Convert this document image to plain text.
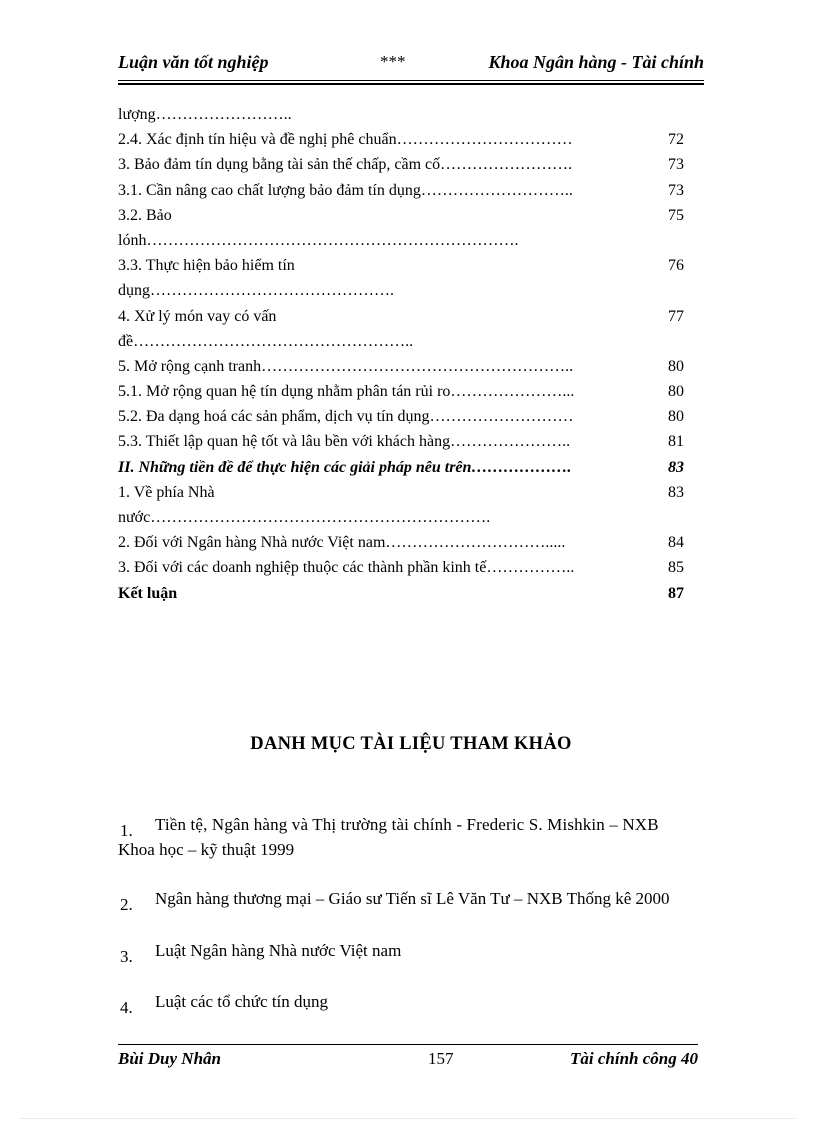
Luận văn tốt nghiệp	***	Khoa Ngân hàng - Tài chính
lượng……………………..
2.4. Xác định tín hiệu và đề nghị phê chuẩn……………………………	72
3. Bảo đảm tín dụng bằng tài sản thế chấp, cầm cố…………………….	73
3.1. Cần nâng cao chất lượng bảo đảm tín dụng………………………..	73
3.2. Bảo	75
lónh…………………………………………………………….
3.3. Thực hiện bảo hiểm tín	76
dụng……………………………………….
4. Xử lý món vay có vấn	77
đề……………………………………………..
5. Mở rộng cạnh tranh…………………………………………………..	80
5.1. Mở rộng quan hệ tín dụng nhằm phân tán rủi ro…………………...	80
5.2. Đa dạng hoá các sản phẩm, dịch vụ tín dụng………………………	80
5.3. Thiết lập quan hệ tốt và lâu bền với khách hàng…………………..	81
II. Những tiền đề để thực hiện các giải pháp nêu trên……………….	83
1. Về phía Nhà	83
nước……………………………………………………….
2. Đối với Ngân hàng Nhà nước Việt nam………………………….....	84
3. Đối với các doanh nghiệp thuộc các thành phần kinh tế……………..	85
Kết luận	87
DANH MỤC TÀI LIỆU THAM KHẢO
1.	Tiền tệ, Ngân hàng và Thị trường tài chính - Frederic S. Mishkin – NXB
Khoa học – kỹ thuật 1999
2.	Ngân hàng thương mại – Giáo sư Tiến sĩ Lê Văn Tư – NXB Thống kê 2000
3.	Luật Ngân hàng Nhà nước Việt nam
4.	Luật các tổ chức tín dụng
Bùi Duy Nhân	157	Tài chính công 40
